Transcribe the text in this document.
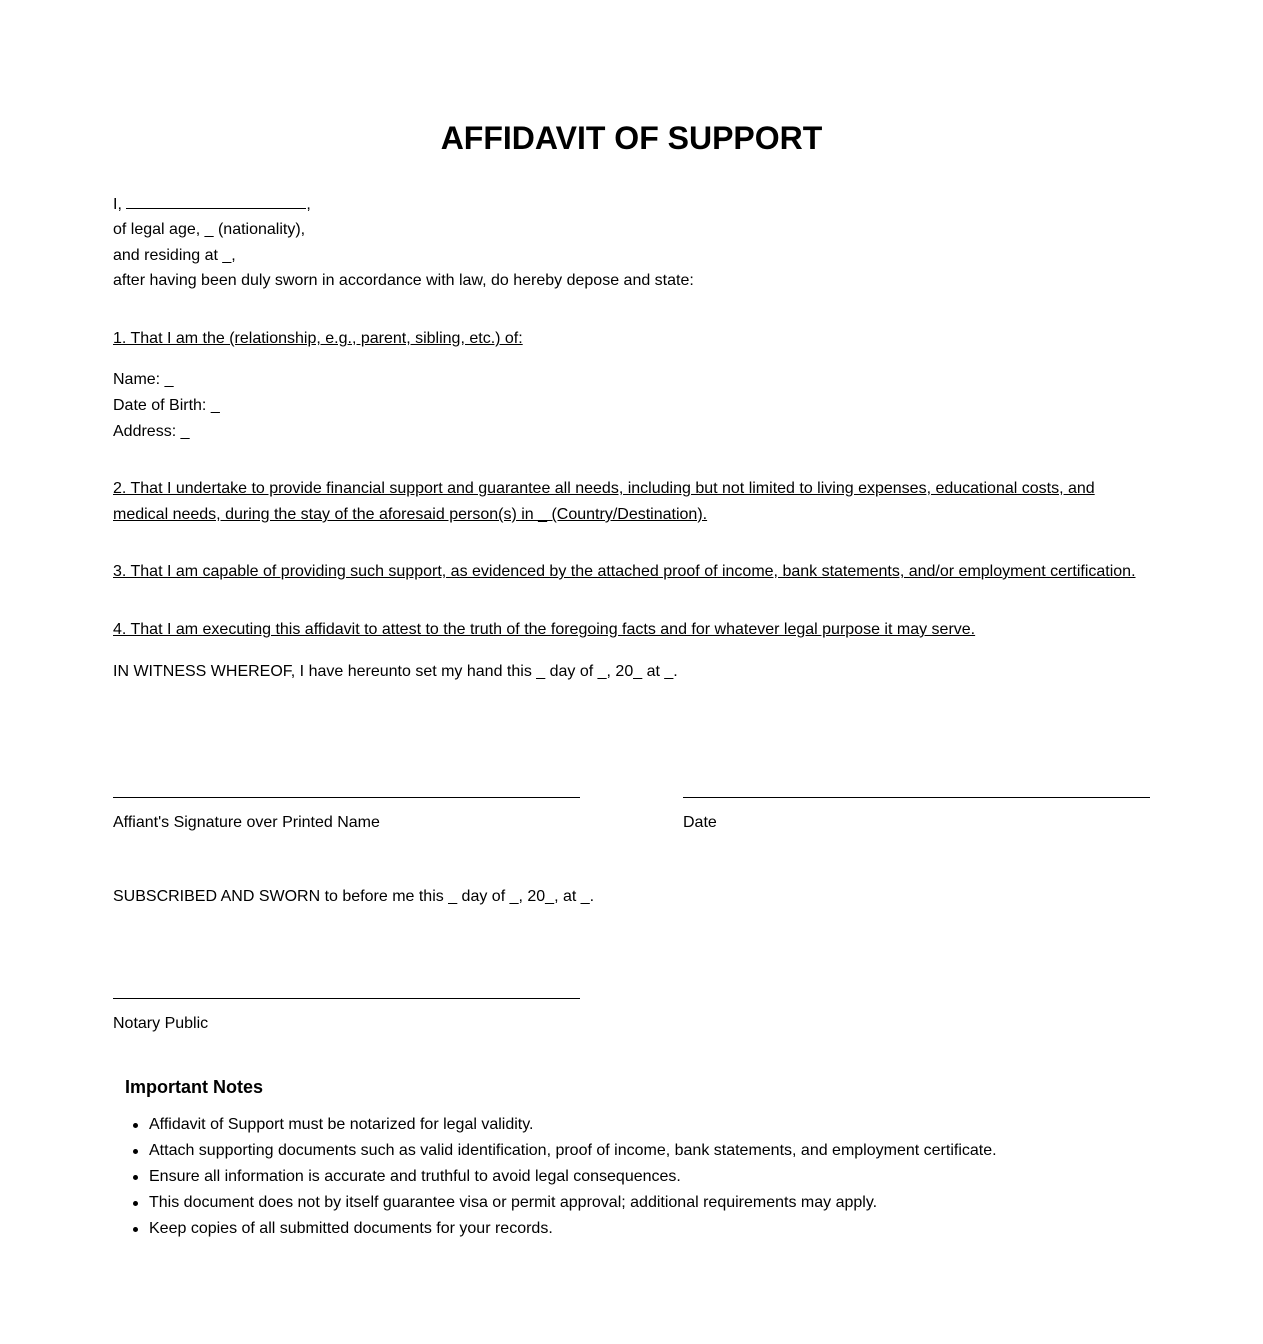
AFFIDAVIT OF SUPPORT
I,	,
of legal age, _ (nationality),
and residing at _,
after having been duly sworn in accordance with law, do hereby depose and state:
1. That I am the (relationship, e.g., parent, sibling, etc.) of:
Name: _
Date of Birth: _
Address: _
2. That I undertake to provide financial support and guarantee all needs, including but not limited to living expenses, educational costs, and
medical needs, during the stay of the aforesaid person(s) in _ (Country/Destination).
3. That I am capable of providing such support, as evidenced by the attached proof of income, bank statements, and/or employment certification.
4. That I am executing this affidavit to attest to the truth of the foregoing facts and for whatever legal purpose it may serve.
IN WITNESS WHEREOF, I have hereunto set my hand this _ day of _, 20_ at _.
Affiant's Signature over Printed Name	Date
SUBSCRIBED AND SWORN to before me this _ day of _, 20_, at _.
Notary Public
Important Notes
Affidavit of Support must be notarized for legal validity.
Attach supporting documents such as valid identification, proof of income, bank statements, and employment certificate.
Ensure all information is accurate and truthful to avoid legal consequences.
This document does not by itself guarantee visa or permit approval; additional requirements may apply.
Keep copies of all submitted documents for your records.
